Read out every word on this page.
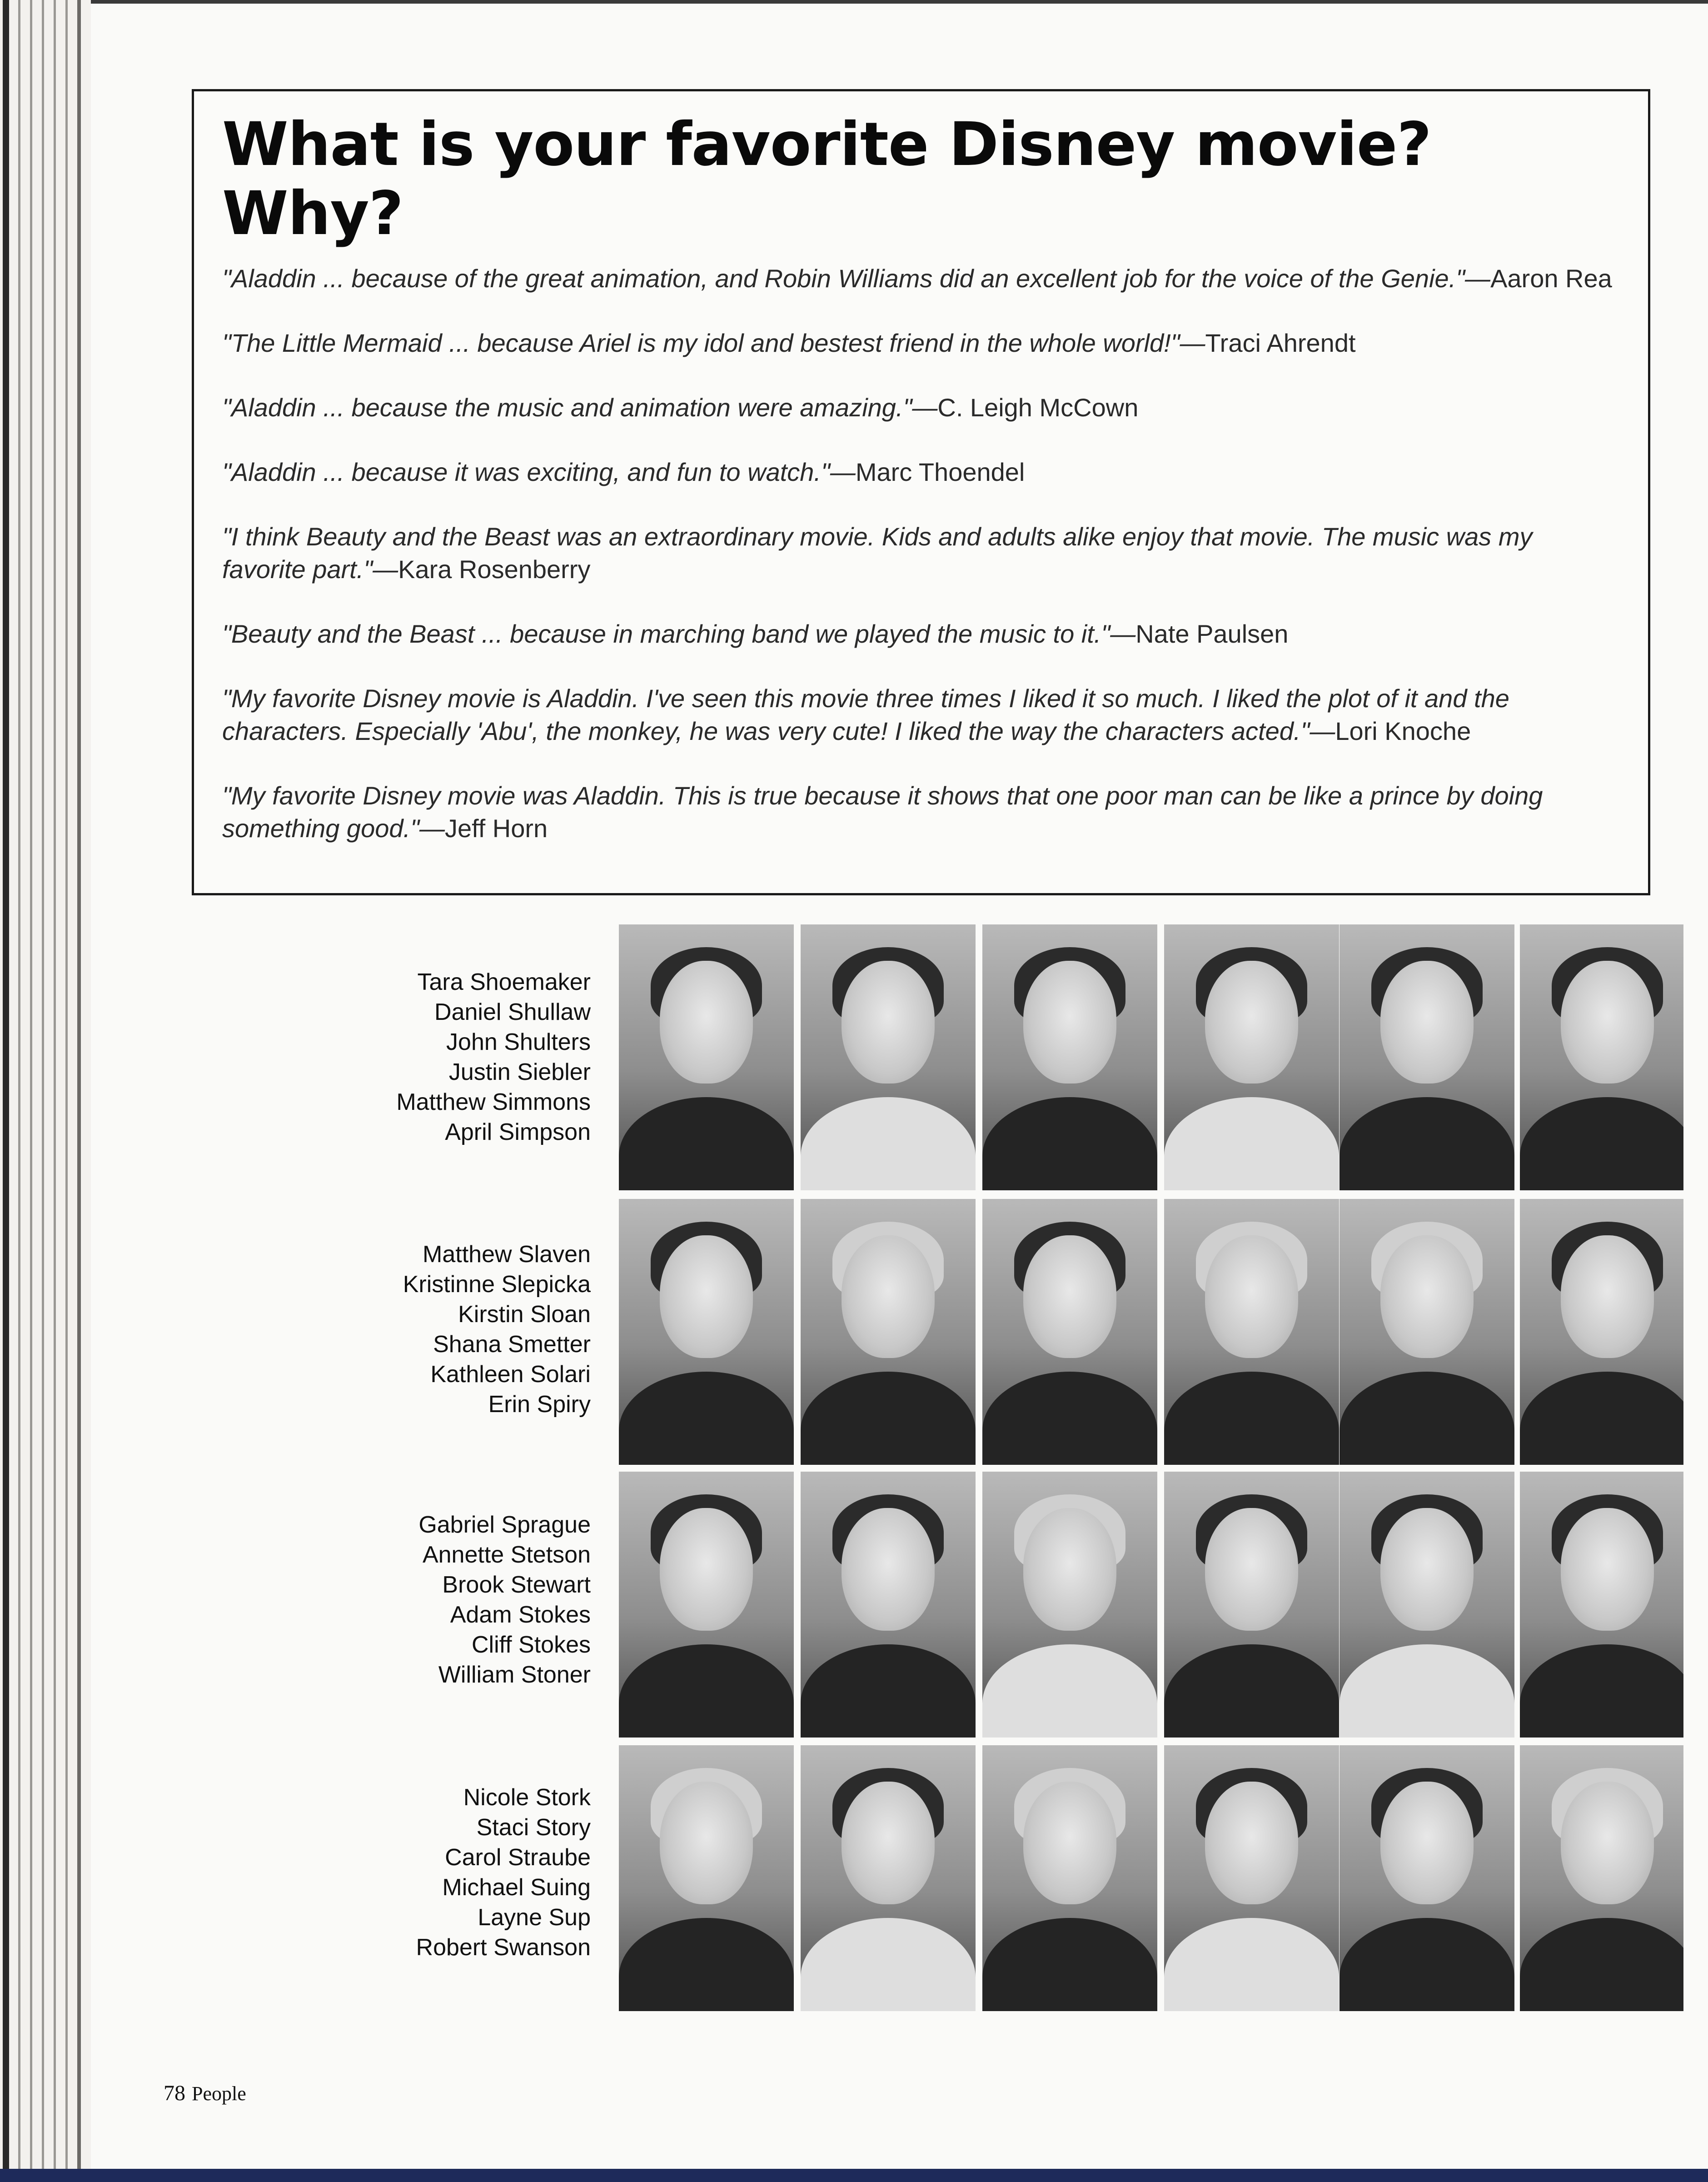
What is your favorite Disney movie? Why?

"Aladdin ... because of the great animation, and Robin Williams did an excellent job for the voice of the Genie."—Aaron Rea

"The Little Mermaid ... because Ariel is my idol and bestest friend in the whole world!"—Traci Ahrendt

"Aladdin ... because the music and animation were amazing."—C. Leigh McCown

"Aladdin ... because it was exciting, and fun to watch."—Marc Thoendel

"I think Beauty and the Beast was an extraordinary movie. Kids and adults alike enjoy that movie. The music was my favorite part."—Kara Rosenberry

"Beauty and the Beast ... because in marching band we played the music to it."—Nate Paulsen

"My favorite Disney movie is Aladdin. I've seen this movie three times I liked it so much. I liked the plot of it and the characters. Especially 'Abu', the monkey, he was very cute! I liked the way the characters acted."—Lori Knoche

"My favorite Disney movie was Aladdin. This is true because it shows that one poor man can be like a prince by doing something good."—Jeff Horn

Tara Shoemaker
Daniel Shullaw
John Shulters
Justin Siebler
Matthew Simmons
April Simpson
Matthew Slaven
Kristinne Slepicka
Kirstin Sloan
Shana Smetter
Kathleen Solari
Erin Spiry
Gabriel Sprague
Annette Stetson
Brook Stewart
Adam Stokes
Cliff Stokes
William Stoner
Nicole Stork
Staci Story
Carol Straube
Michael Suing
Layne Sup
Robert Swanson
78 People
